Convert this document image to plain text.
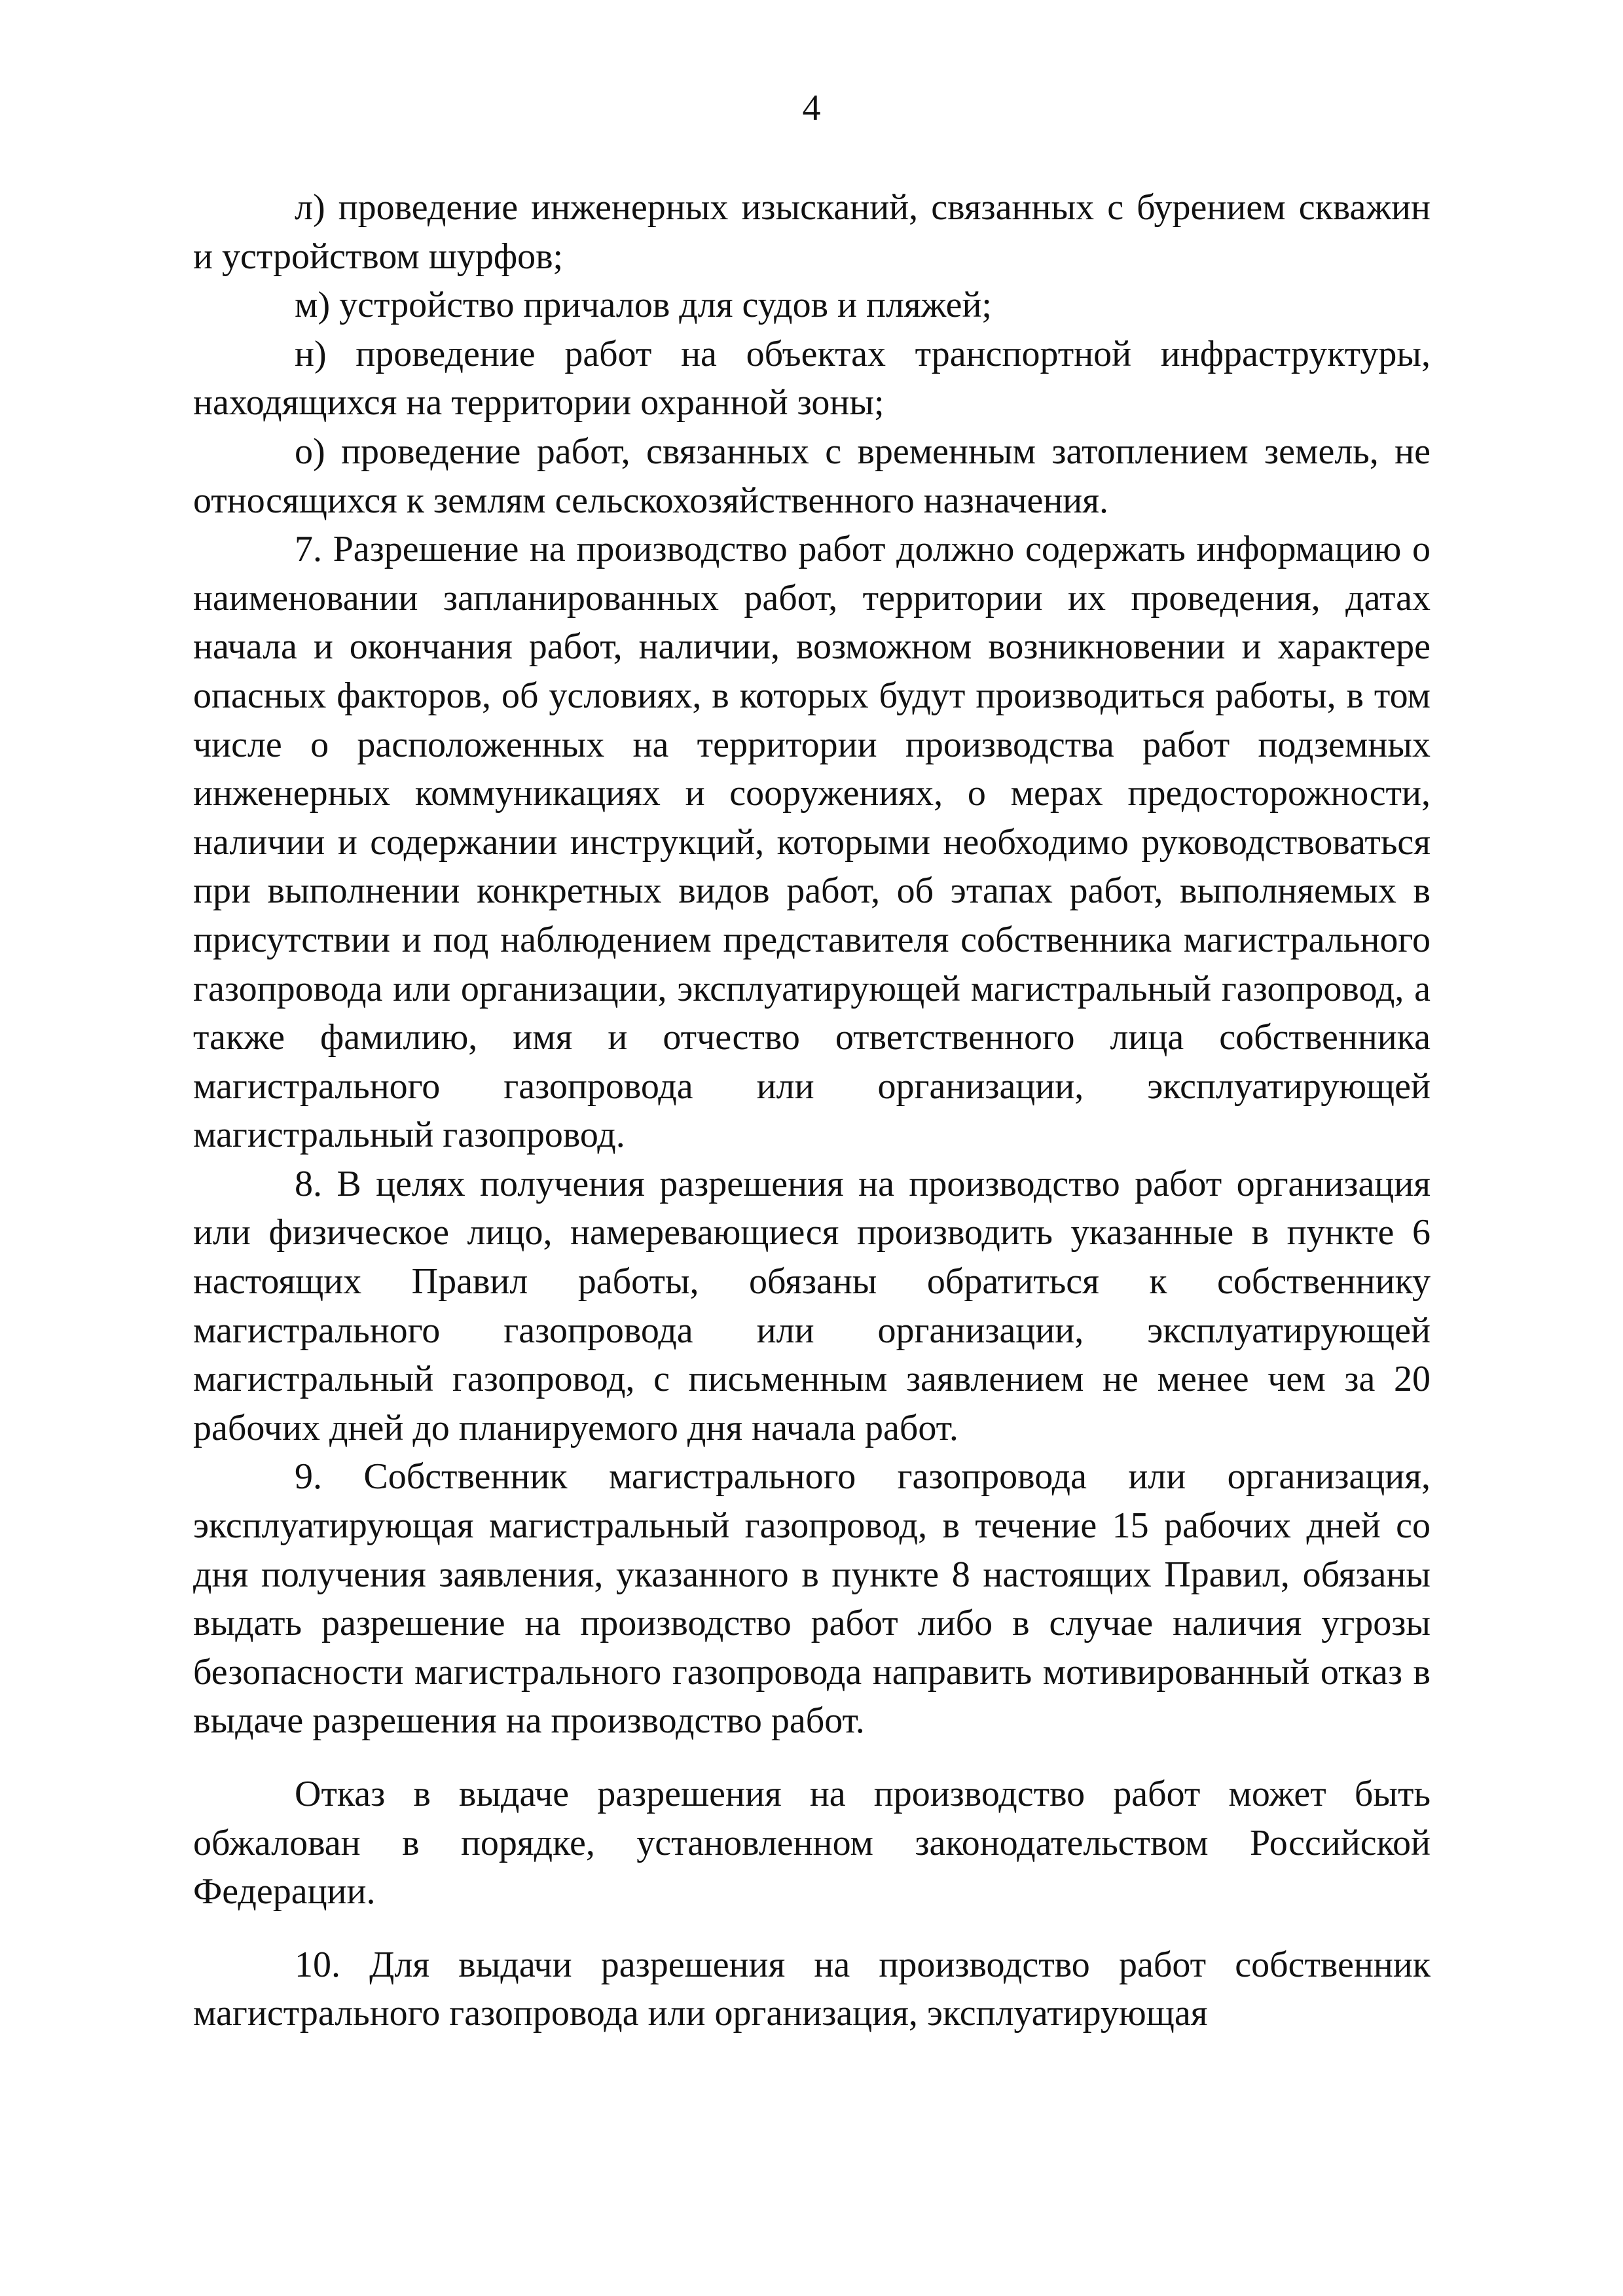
4

л) проведение инженерных изысканий, связанных с бурением скважин и устройством шурфов;

м) устройство причалов для судов и пляжей;

н) проведение работ на объектах транспортной инфраструктуры, находящихся на территории охранной зоны;

о) проведение работ, связанных с временным затоплением земель, не относящихся к землям сельскохозяйственного назначения.

7. Разрешение на производство работ должно содержать информацию о наименовании запланированных работ, территории их проведения, датах начала и окончания работ, наличии, возможном возникновении и характере опасных факторов, об условиях, в которых будут производиться работы, в том числе о расположенных на территории производства работ подземных инженерных коммуникациях и сооружениях, о мерах предосторожности, наличии и содержании инструкций, которыми необходимо руководствоваться при выполнении конкретных видов работ, об этапах работ, выполняемых в присутствии и под наблюдением представителя собственника магистрального газопровода или организации, эксплуатирующей магистральный газопровод, а также фамилию, имя и отчество ответственного лица собственника магистрального газопровода или организации, эксплуатирующей магистральный газопровод.

8. В целях получения разрешения на производство работ организация или физическое лицо, намеревающиеся производить указанные в пункте 6 настоящих Правил работы, обязаны обратиться к собственнику магистрального газопровода или организации, эксплуатирующей магистральный газопровод, с письменным заявлением не менее чем за 20 рабочих дней до планируемого дня начала работ.

9. Собственник магистрального газопровода или организация, эксплуатирующая магистральный газопровод, в течение 15 рабочих дней со дня получения заявления, указанного в пункте 8 настоящих Правил, обязаны выдать разрешение на производство работ либо в случае наличия угрозы безопасности магистрального газопровода направить мотивированный отказ в выдаче разрешения на производство работ.

Отказ в выдаче разрешения на производство работ может быть обжалован в порядке, установленном законодательством Российской Федерации.

10. Для выдачи разрешения на производство работ собственник магистрального газопровода или организация, эксплуатирующая
